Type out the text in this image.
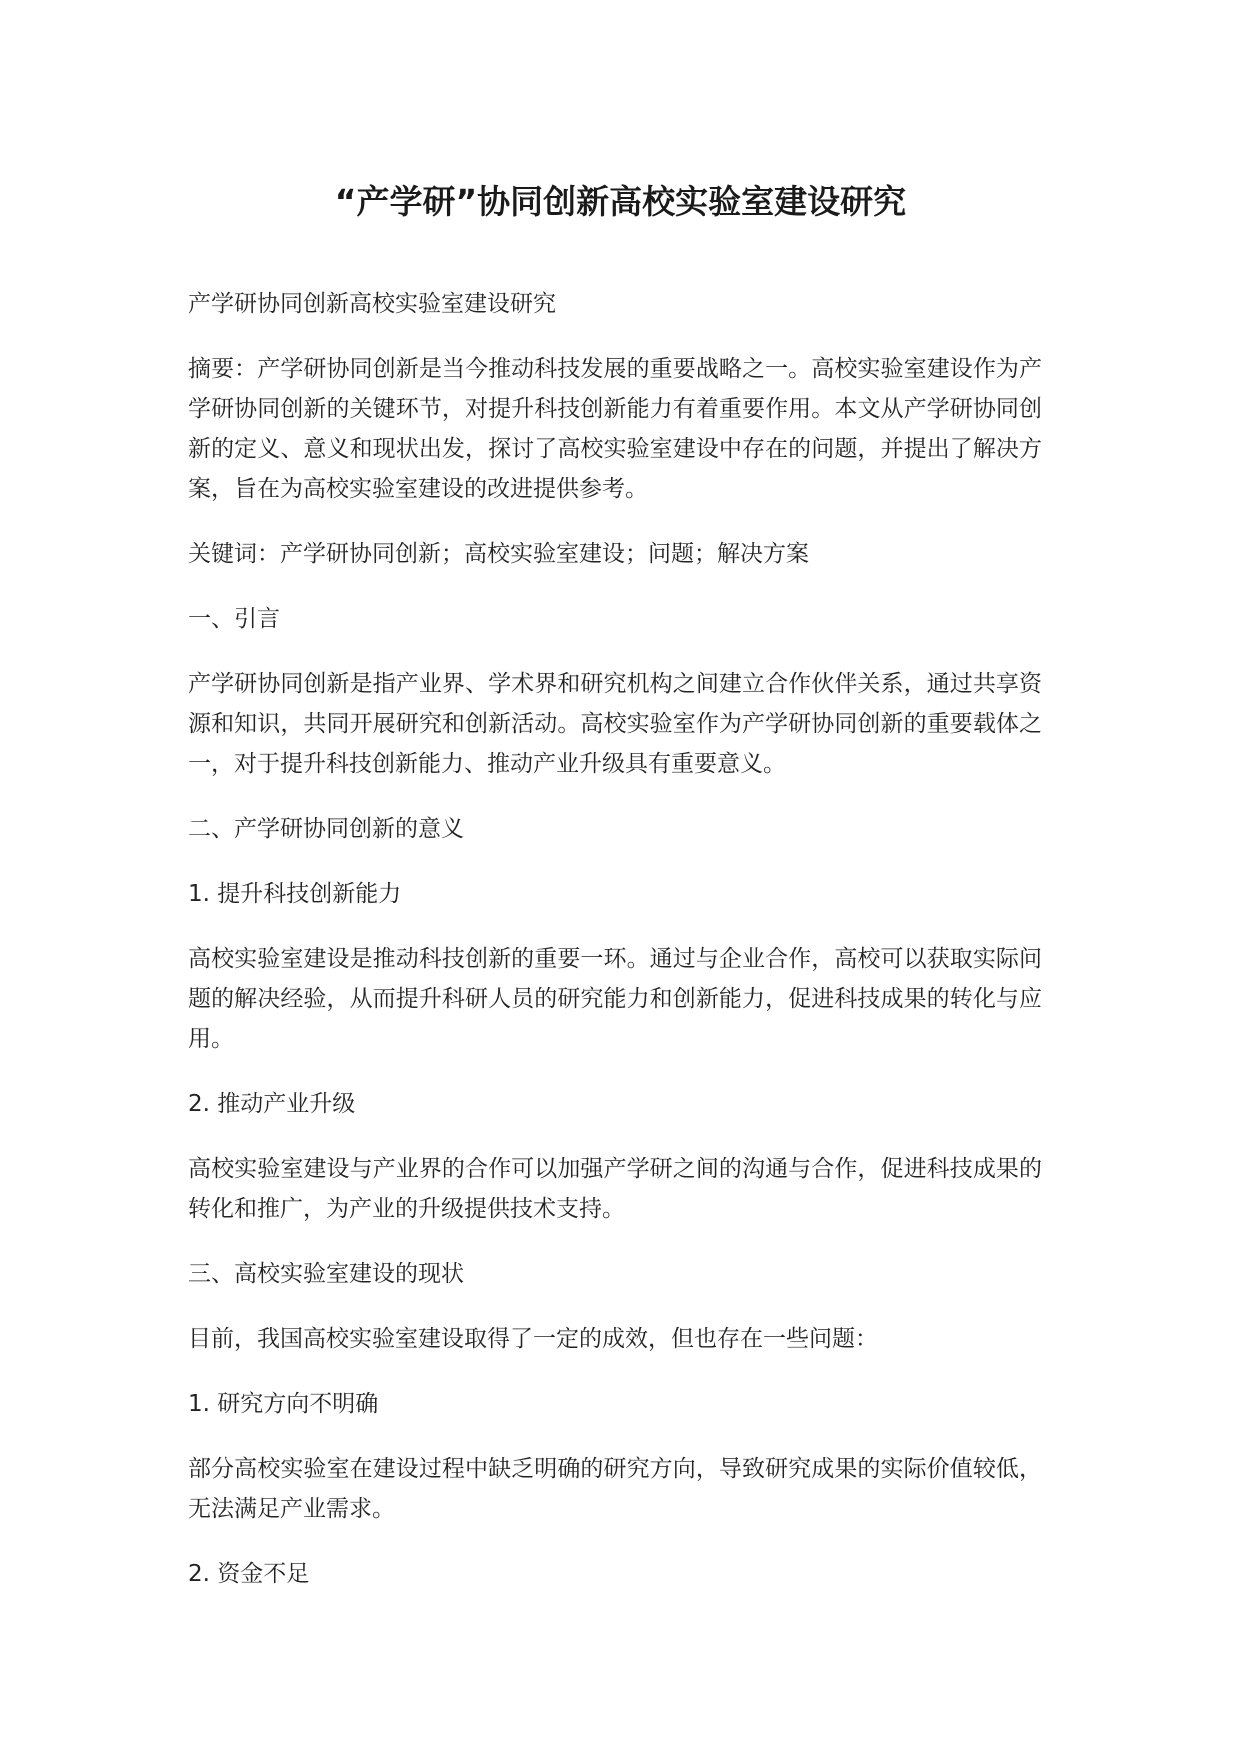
“产学研”协同创新高校实验室建设研究

产学研协同创新高校实验室建设研究

摘要：产学研协同创新是当今推动科技发展的重要战略之一。高校实验室建设作为产学研协同创新的关键环节，对提升科技创新能力有着重要作用。本文从产学研协同创新的定义、意义和现状出发，探讨了高校实验室建设中存在的问题，并提出了解决方案，旨在为高校实验室建设的改进提供参考。

关键词：产学研协同创新；高校实验室建设；问题；解决方案

一、引言

产学研协同创新是指产业界、学术界和研究机构之间建立合作伙伴关系，通过共享资源和知识，共同开展研究和创新活动。高校实验室作为产学研协同创新的重要载体之一，对于提升科技创新能力、推动产业升级具有重要意义。

二、产学研协同创新的意义

1. 提升科技创新能力

高校实验室建设是推动科技创新的重要一环。通过与企业合作，高校可以获取实际问题的解决经验，从而提升科研人员的研究能力和创新能力，促进科技成果的转化与应用。

2. 推动产业升级

高校实验室建设与产业界的合作可以加强产学研之间的沟通与合作，促进科技成果的转化和推广，为产业的升级提供技术支持。

三、高校实验室建设的现状

目前，我国高校实验室建设取得了一定的成效，但也存在一些问题：

1. 研究方向不明确

部分高校实验室在建设过程中缺乏明确的研究方向，导致研究成果的实际价值较低，无法满足产业需求。

2. 资金不足
